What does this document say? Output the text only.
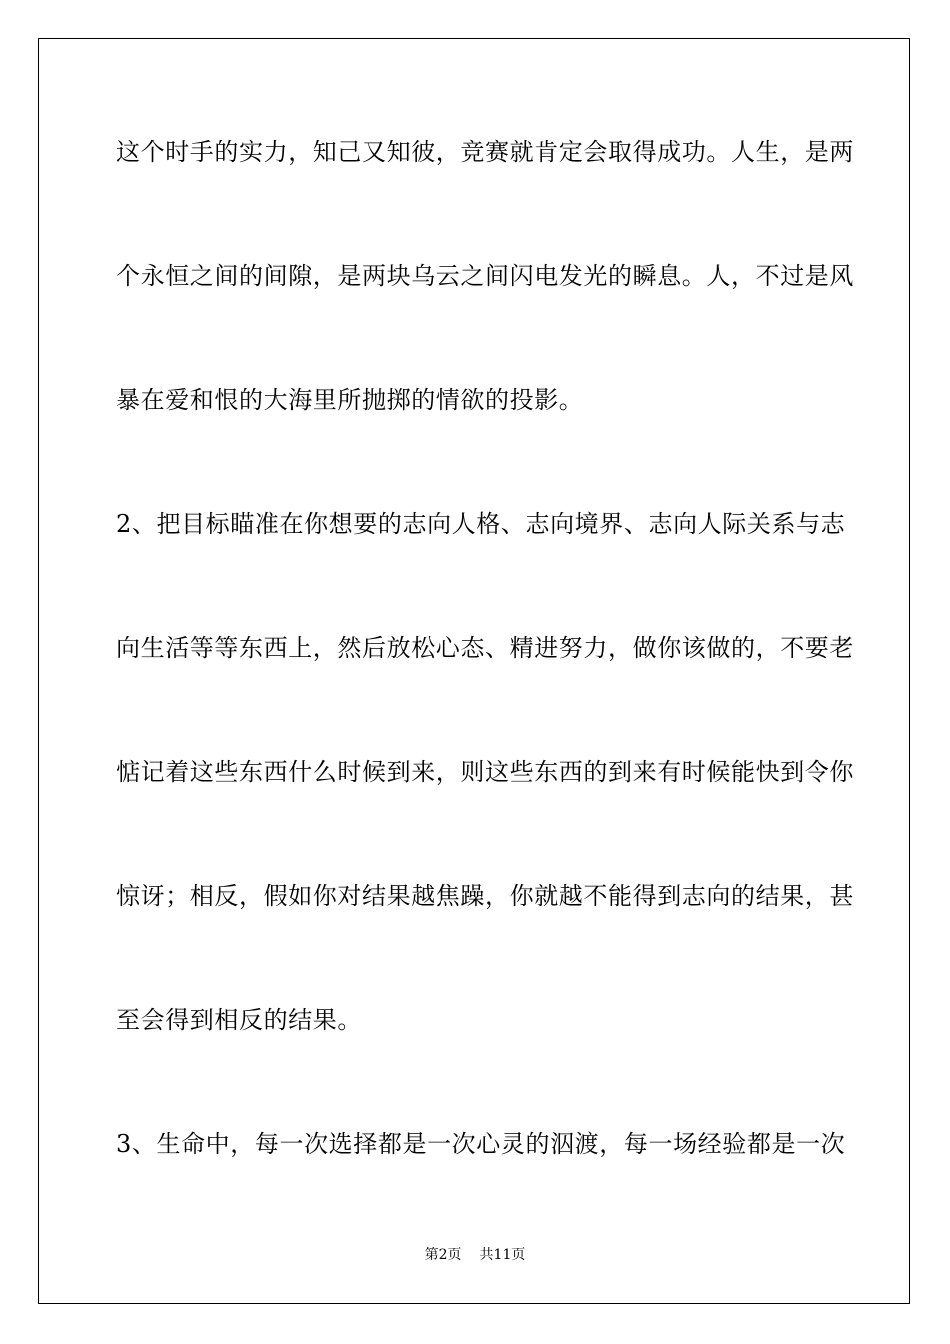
这个时手的实力，知己又知彼，竞赛就肯定会取得成功。人生，是两
个永恒之间的间隙，是两块乌云之间闪电发光的瞬息。人，不过是风
暴在爱和恨的大海里所抛掷的情欲的投影。
2、把目标瞄准在你想要的志向人格、志向境界、志向人际关系与志
向生活等等东西上，然后放松心态、精进努力，做你该做的，不要老
惦记着这些东西什么时候到来，则这些东西的到来有时候能快到令你
惊讶；相反，假如你对结果越焦躁，你就越不能得到志向的结果，甚
至会得到相反的结果。
3、生命中，每一次选择都是一次心灵的泅渡，每一场经验都是一次
第2页 共11页
